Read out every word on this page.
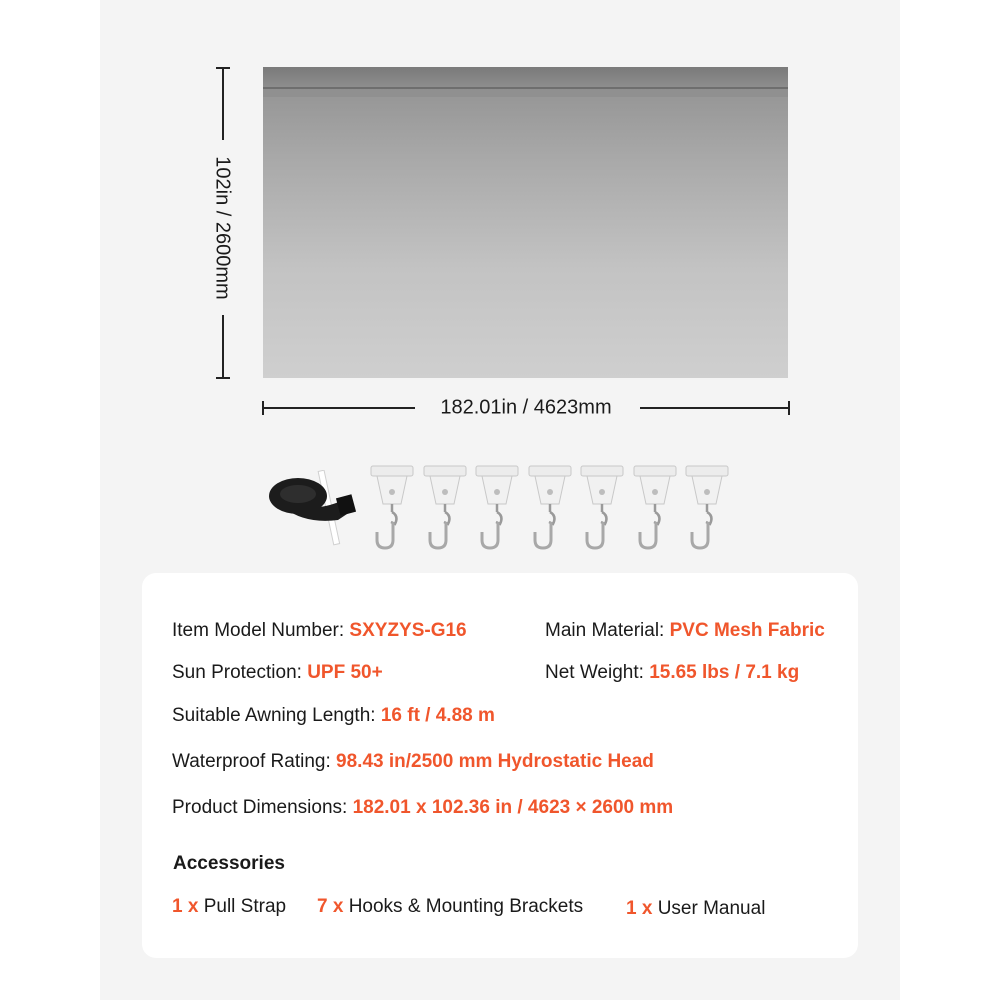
102in / 2600mm
182.01in / 4623mm
Item Model Number: SXYZYS-G16	Main Material: PVC Mesh Fabric
Sun Protection: UPF 50+	Net Weight: 15.65 lbs / 7.1 kg
Suitable Awning Length: 16 ft / 4.88 m
Waterproof Rating: 98.43 in/2500 mm Hydrostatic Head
Product Dimensions: 182.01 x 102.36 in / 4623 × 2600 mm
Accessories
1 x Pull Strap 7 x Hooks & Mounting Brackets 1 x User Manual
